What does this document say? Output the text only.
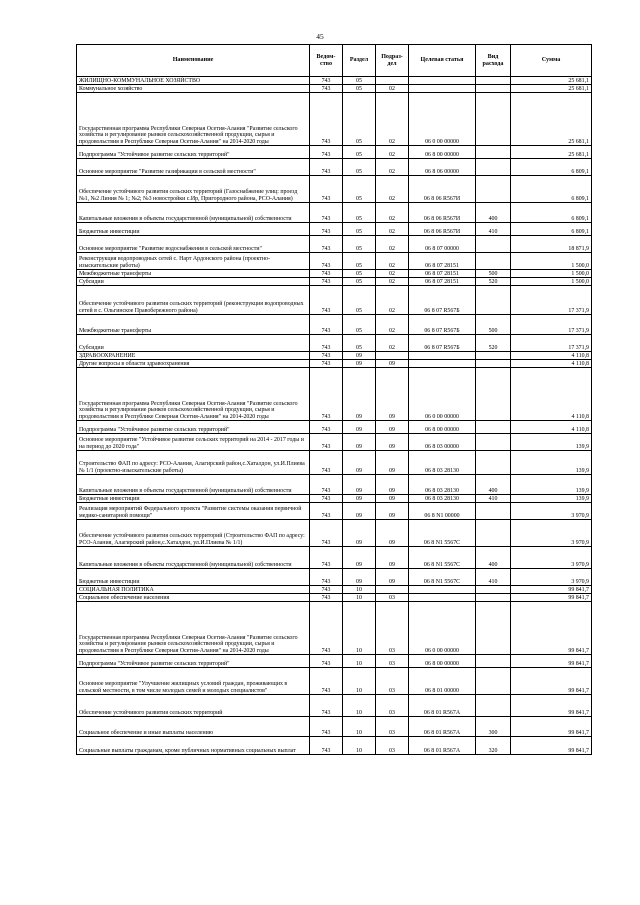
45
Наименование	Ведом-ство	Раздел	Подраз-дел	Целевая статья	Вид расхода	Сумма
ЖИЛИЩНО-КОММУНАЛЬНОЕ ХОЗЯЙСТВО	743	05				25 681,1
Коммунальное хозяйство	743	05	02			25 681,1
Государственная программа Республики Северная Осетия-Алания "Развитие сельского хозяйства и регулирование рынков сельскохозяйственной продукции, сырья и продовольствия в Республике Северная Осетия-Алания" на 2014-2020 годы	743	05	02	06 0 00 00000		25 681,1
Подпрограмма "Устойчивое развитие сельских территорий"	743	05	02	06 8 00 00000		25 681,1
Основное мероприятие "Развитие газификации в сельской местности"	743	05	02	06 8 06 00000		6 809,1
Обеспечение устойчивого развития сельских территорий (Газоснабжение улиц: проезд №1, №2 Линия № 1; №2; №3 новостройки с.Ир, Пригородного района, РСО-Алания)	743	05	02	06 8 06 R567И		6 809,1
Капитальные вложения в объекты государственной (муниципальной) собственности	743	05	02	06 8 06 R567И	400	6 809,1
Бюджетные инвестиции	743	05	02	06 8 06 R567И	410	6 809,1
Основное мероприятие "Развитие водоснабжения в сельской местности"	743	05	02	06 8 07 00000		18 871,9
Реконструкция водопроводных сетей с. Нарт Ардонского района (проектно-изыскательские работы)	743	05	02	06 8 07 28151		1 500,0
Межбюджетные трансферты	743	05	02	06 8 07 28151	500	1 500,0
Субсидии	743	05	02	06 8 07 28151	520	1 500,0
Обеспечение устойчивого развития сельских территорий (реконструкция водопроводных сетей в с. Ольгинское Правобережного района)	743	05	02	06 8 07 R567Б		17 371,9
Межбюджетные трансферты	743	05	02	06 8 07 R567Б	500	17 371,9
Субсидии	743	05	02	06 8 07 R567Б	520	17 371,9
ЗДРАВООХРАНЕНИЕ	743	09				4 110,8
Другие вопросы в области здравоохранения	743	09	09			4 110,8
Государственная программа Республики Северная Осетия-Алания "Развитие сельского хозяйства и регулирование рынков сельскохозяйственной продукции, сырья и продовольствия в Республике Северная Осетия-Алания" на 2014-2020 годы	743	09	09	06 0 00 00000		4 110,8
Подпрограмма "Устойчивое развитие сельских территорий"	743	09	09	06 8 00 00000		4 110,8
Основное мероприятие "Устойчивое развитие сельских территорий на 2014 - 2017 годы и на период до 2020 года"	743	09	09	06 8 03 00000		139,9
Строительство ФАП по адресу: РСО-Алания, Алагирский район,с.Хаталдон, ул.И.Плиева № 1/1 (проектно-изыскательские работы)	743	09	09	06 8 03 28130		139,9
Капитальные вложения в объекты государственной (муниципальной) собственности	743	09	09	06 8 03 28130	400	139,9
Бюджетные инвестиции	743	09	09	06 8 03 28130	410	139,9
Реализация мероприятий Федерального проекта "Развитие системы оказания первичной медико-санитарной помощи"	743	09	09	06 8 N1 00000		3 970,9
Обеспечение устойчивого развития сельских территорий (Строительство ФАП по адресу: РСО-Алания, Алагирский район,с.Хаталдон, ул.И.Плиева № 1/1)	743	09	09	06 8 N1 5567С		3 970,9
Капитальные вложения в объекты государственной (муниципальной) собственности	743	09	09	06 8 N1 5567С	400	3 970,9
Бюджетные инвестиции	743	09	09	06 8 N1 5567С	410	3 970,9
СОЦИАЛЬНАЯ ПОЛИТИКА	743	10				99 841,7
Социальное обеспечение населения	743	10	03			99 841,7
Государственная программа Республики Северная Осетия-Алания "Развитие сельского хозяйства и регулирование рынков сельскохозяйственной продукции, сырья и продовольствия в Республике Северная Осетия-Алания" на 2014-2020 годы	743	10	03	06 0 00 00000		99 841,7
Подпрограмма "Устойчивое развитие сельских территорий"	743	10	03	06 8 00 00000		99 841,7
Основное мероприятие "Улучшение жилищных условий граждан, проживающих в сельской местности, в том числе молодых семей и молодых специалистов"	743	10	03	06 8 01 00000		99 841,7
Обеспечение устойчивого развития сельских территорий	743	10	03	06 8 01 R567А		99 841,7
Социальное обеспечение и иные выплаты населению	743	10	03	06 8 01 R567А	300	99 841,7
Социальные выплаты гражданам, кроме публичных нормативных социальных выплат	743	10	03	06 8 01 R567А	320	99 841,7
